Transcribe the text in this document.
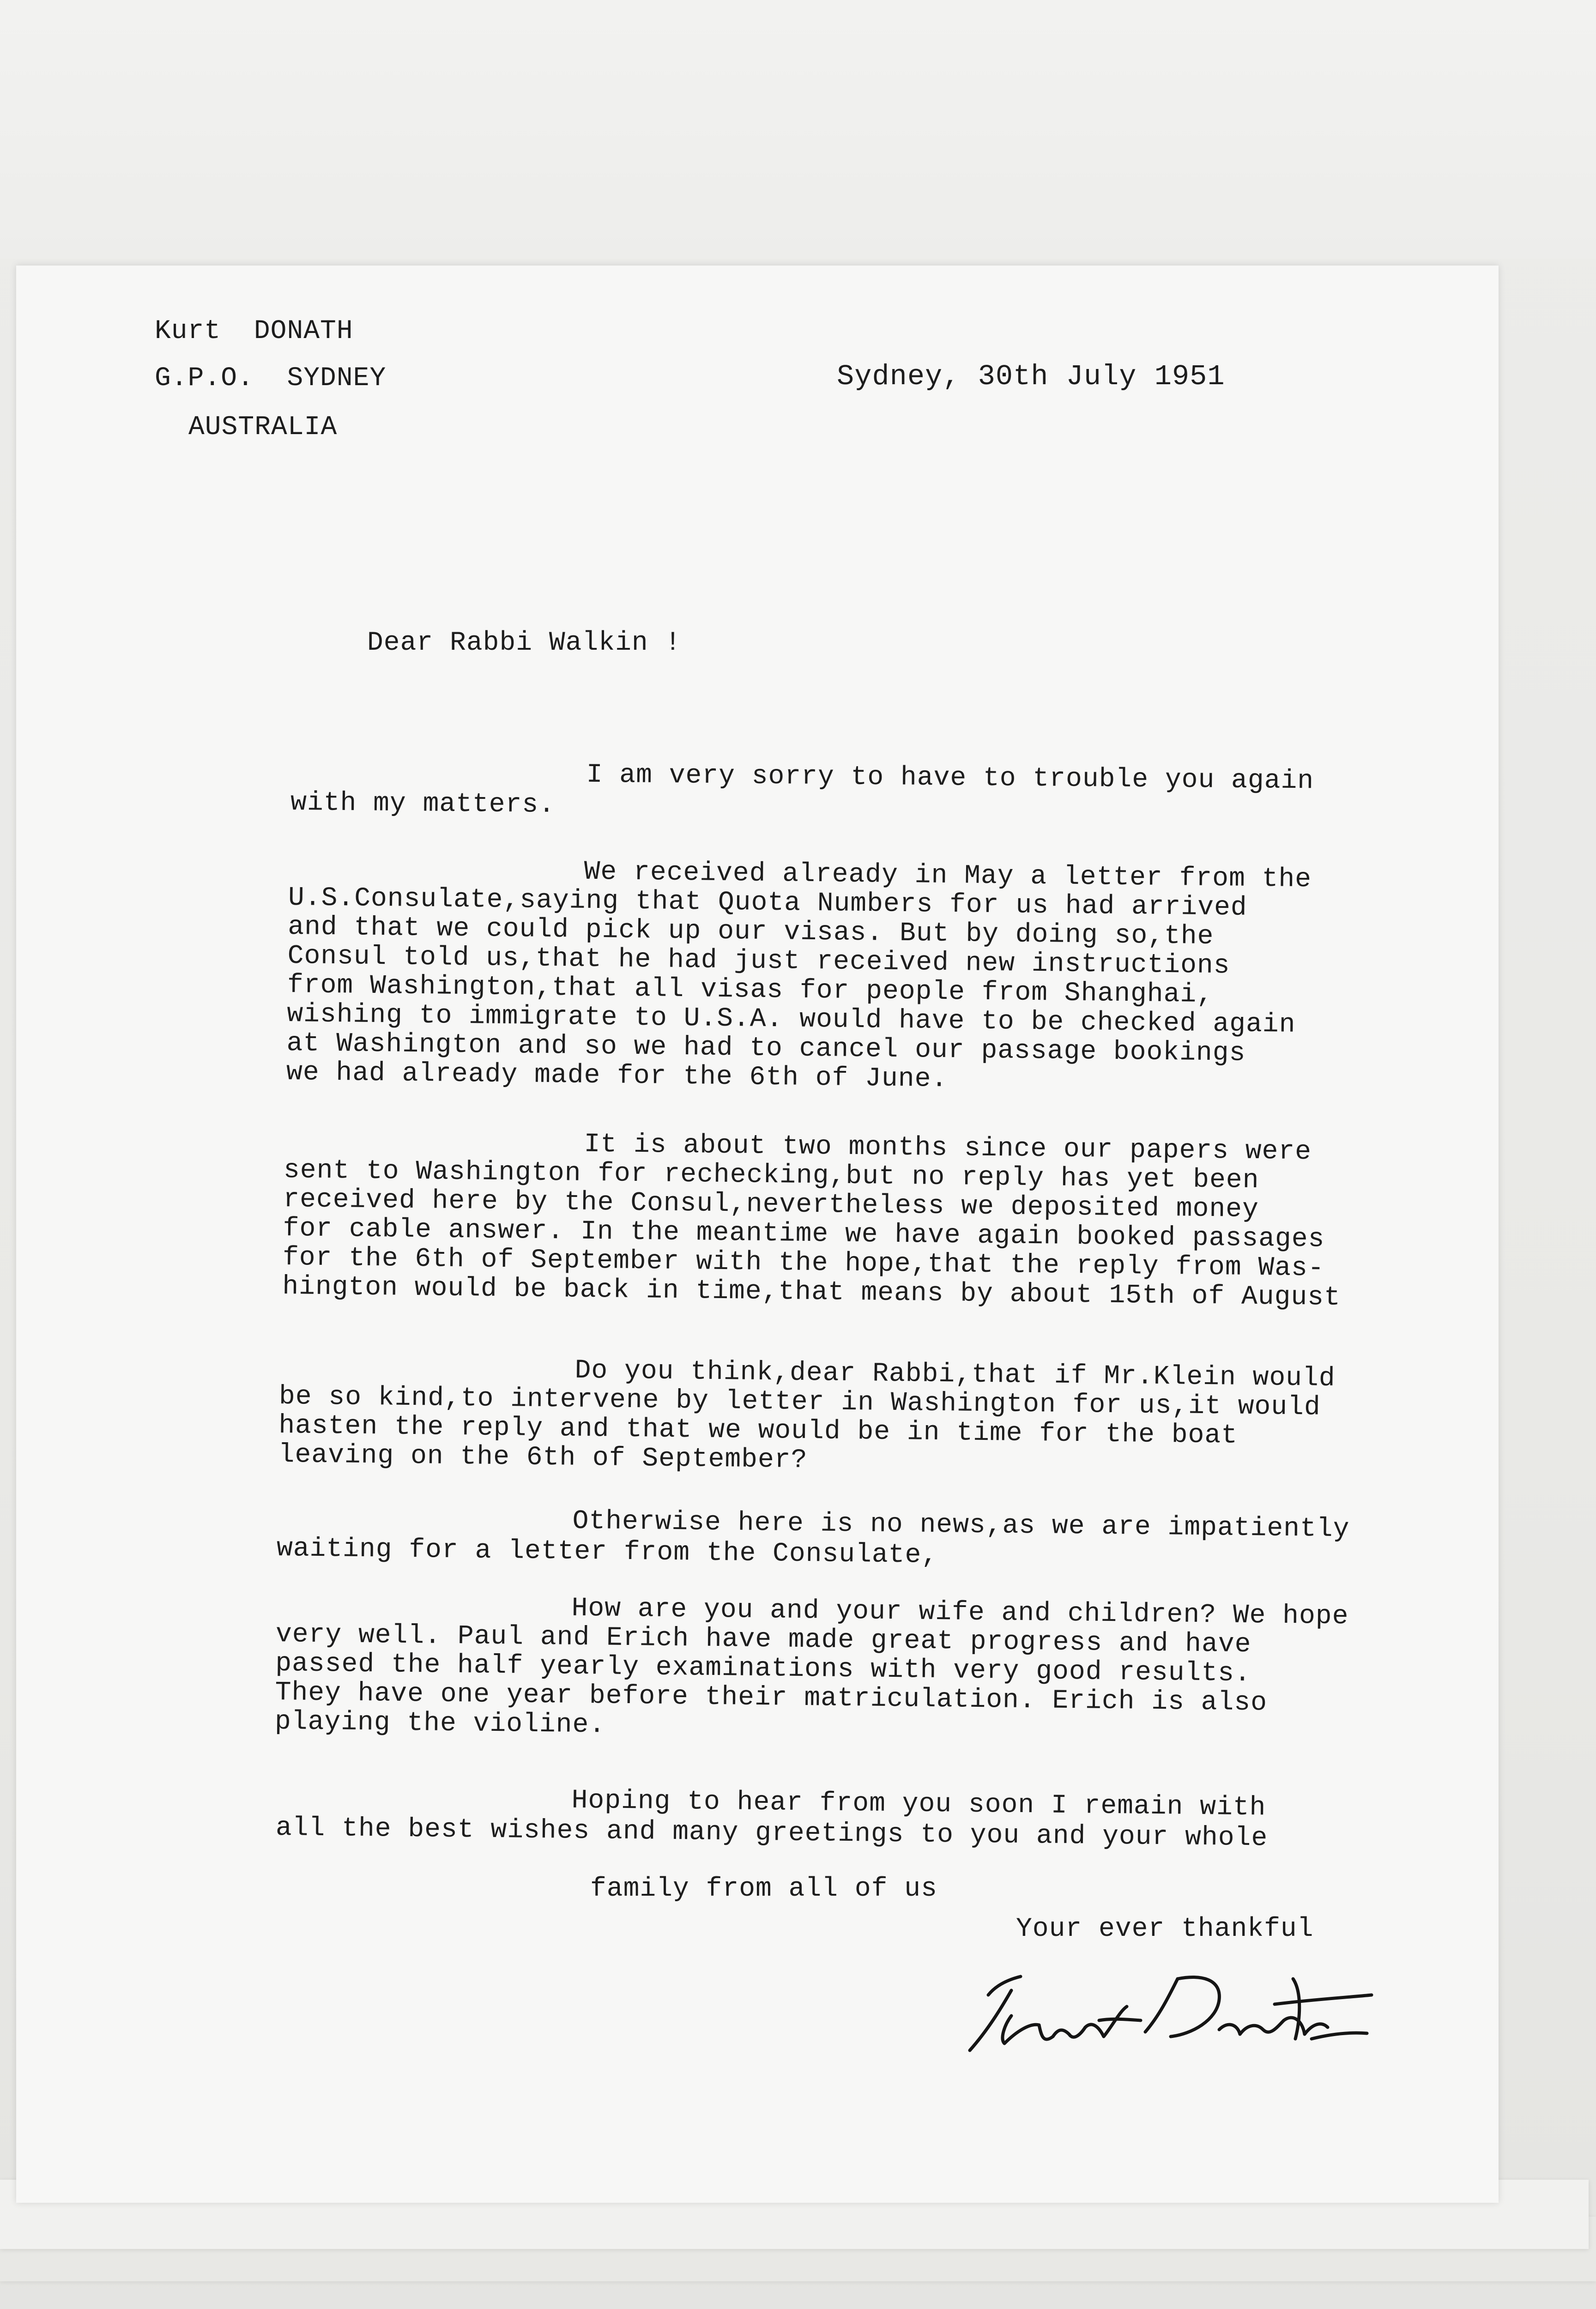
Kurt  DONATH
G.P.O.  SYDNEY
AUSTRALIA
Sydney, 30th July 1951
Dear Rabbi Walkin !
I am very sorry to have to trouble you again
with my matters.
We received already in May a letter from the
U.S.Consulate,saying that Quota Numbers for us had arrived
and that we could pick up our visas. But by doing so,the
Consul told us,that he had just received new instructions
from Washington,that all visas for people from Shanghai,
wishing to immigrate to U.S.A. would have to be checked again
at Washington and so we had to cancel our passage bookings
we had already made for the 6th of June.
It is about two months since our papers were
sent to Washington for rechecking,but no reply has yet been
received here by the Consul,nevertheless we deposited money
for cable answer. In the meantime we have again booked passages
for the 6th of September with the hope,that the reply from Was-
hington would be back in time,that means by about 15th of August
Do you think,dear Rabbi,that if Mr.Klein would
be so kind,to intervene by letter in Washington for us,it would
hasten the reply and that we would be in time for the boat
leaving on the 6th of September?
Otherwise here is no news,as we are impatiently
waiting for a letter from the Consulate,
How are you and your wife and children? We hope
very well. Paul and Erich have made great progress and have
passed the half yearly examinations with very good results.
They have one year before their matriculation. Erich is also
playing the violine.
Hoping to hear from you soon I remain with
all the best wishes and many greetings to you and your whole
family from all of us
Your ever thankful
